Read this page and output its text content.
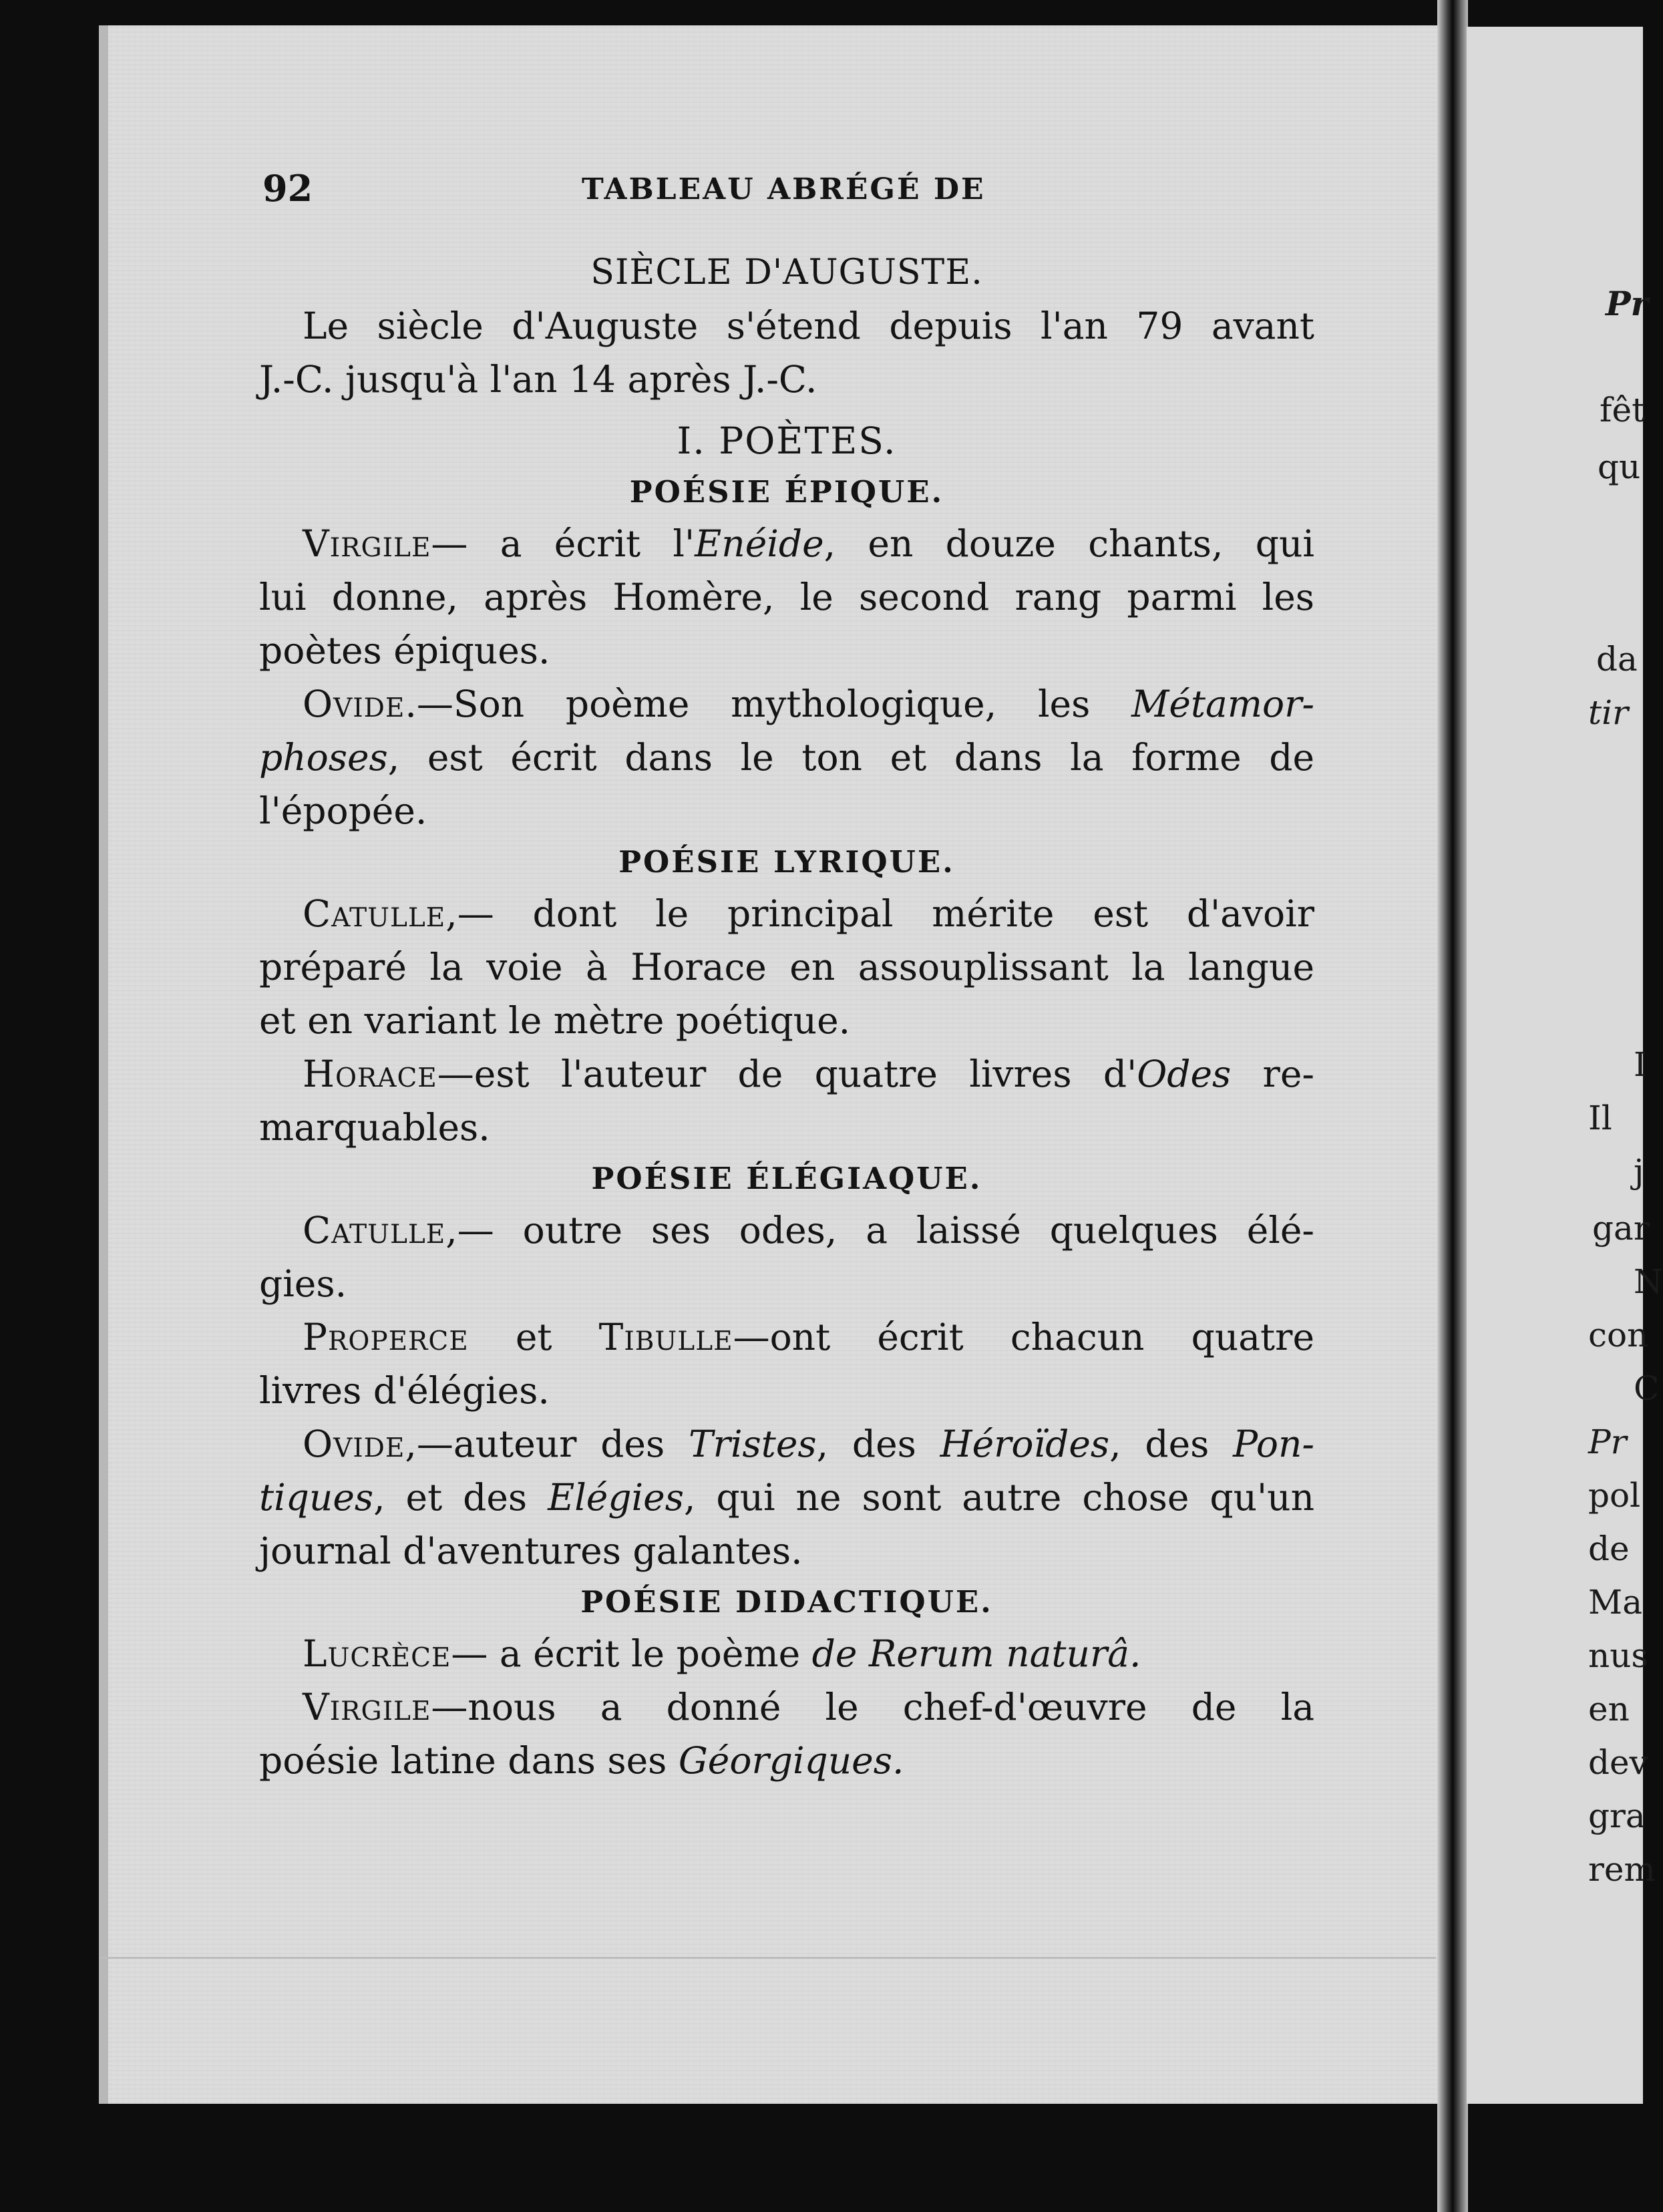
Pr
fêt
qu
da
tir
I
Il
j
gar
N
con
C
Pr
pol
de
Ma
nus
en
dev
gra
rem
92	TABLEAU ABRÉGÉ DE
SIÈCLE D'AUGUSTE.
Le siècle d'Auguste s'étend depuis l'an 79 avant
J.-C. jusqu'à l'an 14 après J.-C.
I. POÈTES.
POÉSIE ÉPIQUE.
Virgile— a écrit l'Enéide, en douze chants, qui
lui donne, après Homère, le second rang parmi les
poètes épiques.
Ovide.—Son poème mythologique, les Métamor-
phoses, est écrit dans le ton et dans la forme de
l'épopée.
POÉSIE LYRIQUE.
Catulle,— dont le principal mérite est d'avoir
préparé la voie à Horace en assouplissant la langue
et en variant le mètre poétique.
Horace—est l'auteur de quatre livres d'Odes re-
marquables.
POÉSIE ÉLÉGIAQUE.
Catulle,— outre ses odes, a laissé quelques élé-
gies.
Properce et Tibulle—ont écrit chacun quatre
livres d'élégies.
Ovide,—auteur des Tristes, des Héroïdes, des Pon-
tiques, et des Elégies, qui ne sont autre chose qu'un
journal d'aventures galantes.
POÉSIE DIDACTIQUE.
Lucrèce— a écrit le poème de Rerum naturâ.
Virgile—nous a donné le chef-d'œuvre de la
poésie latine dans ses Géorgiques.
